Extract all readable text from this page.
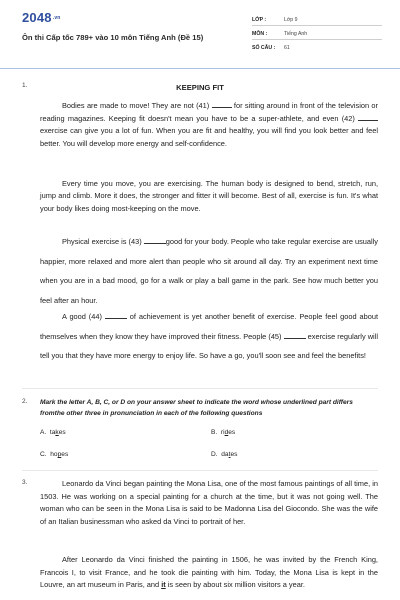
$2048_{.vn}$
Ôn thi Cấp tốc 789+ vào 10 môn Tiếng Anh (Đề 15)
LỚP :	Lớp 9
MÔN :	Tiếng Anh
SỐ CÂU : 61
1.	KEEPING FIT

Bodies are made to move! They are not (41)	for sitting around in front of the television or reading magazines. Keeping fit doesn't mean you have to be a super-athlete, and even (42)  exercise can give you a lot of fun. When you are fit and healthy, you will find you look better and feel better. You will develop more energy and self-confidence.

Every time you move, you are exercising. The human body is designed to bend, stretch, run, jump and climb. More it does, the stronger and fitter it will become. Best of all, exercise is fun. It's what your body likes doing most-keeping on the move.

Physical exercise is (43)	good for your body. People who take regular exercise are usually happier, more relaxed and more alert than people who sit around all day. Try an experiment next time when you are in a bad mood, go for a walk or play a ball game in the park. See how much better you feel after an hour.

A good (44)	of achievement is yet another benefit of exercise. People feel good about themselves when they know they have improved their fitness. People (45)	exercise regularly will tell you that they have more energy to enjoy life. So have a go, you'll soon see and feel the benefits!

2. Mark the letter A, B, C, or D on your answer sheet to indicate the word whose underlined part differs fromthe other three in pronunciation in each of the following questions
A. takes	B. rides
C. hopes	D. dates
3.	Leonardo da Vinci began painting the Mona Lisa, one of the most famous paintings of all time, in 1503. He was working on a special painting for a church at the time, but it was not going well. The woman who can be seen in the Mona Lisa is said to be Madonna Lisa del Giocondo. She was the wife of an Italian businessman who asked da Vinci to portrait of her.

After Leonardo da Vinci finished the painting in 1506, he was invited by the French King, Francois I, to visit France, and he took die painting with him. Today, the Mona Lisa is kept in the Louvre, an art museum in Paris, and it is seen by about six million visitors a year.
